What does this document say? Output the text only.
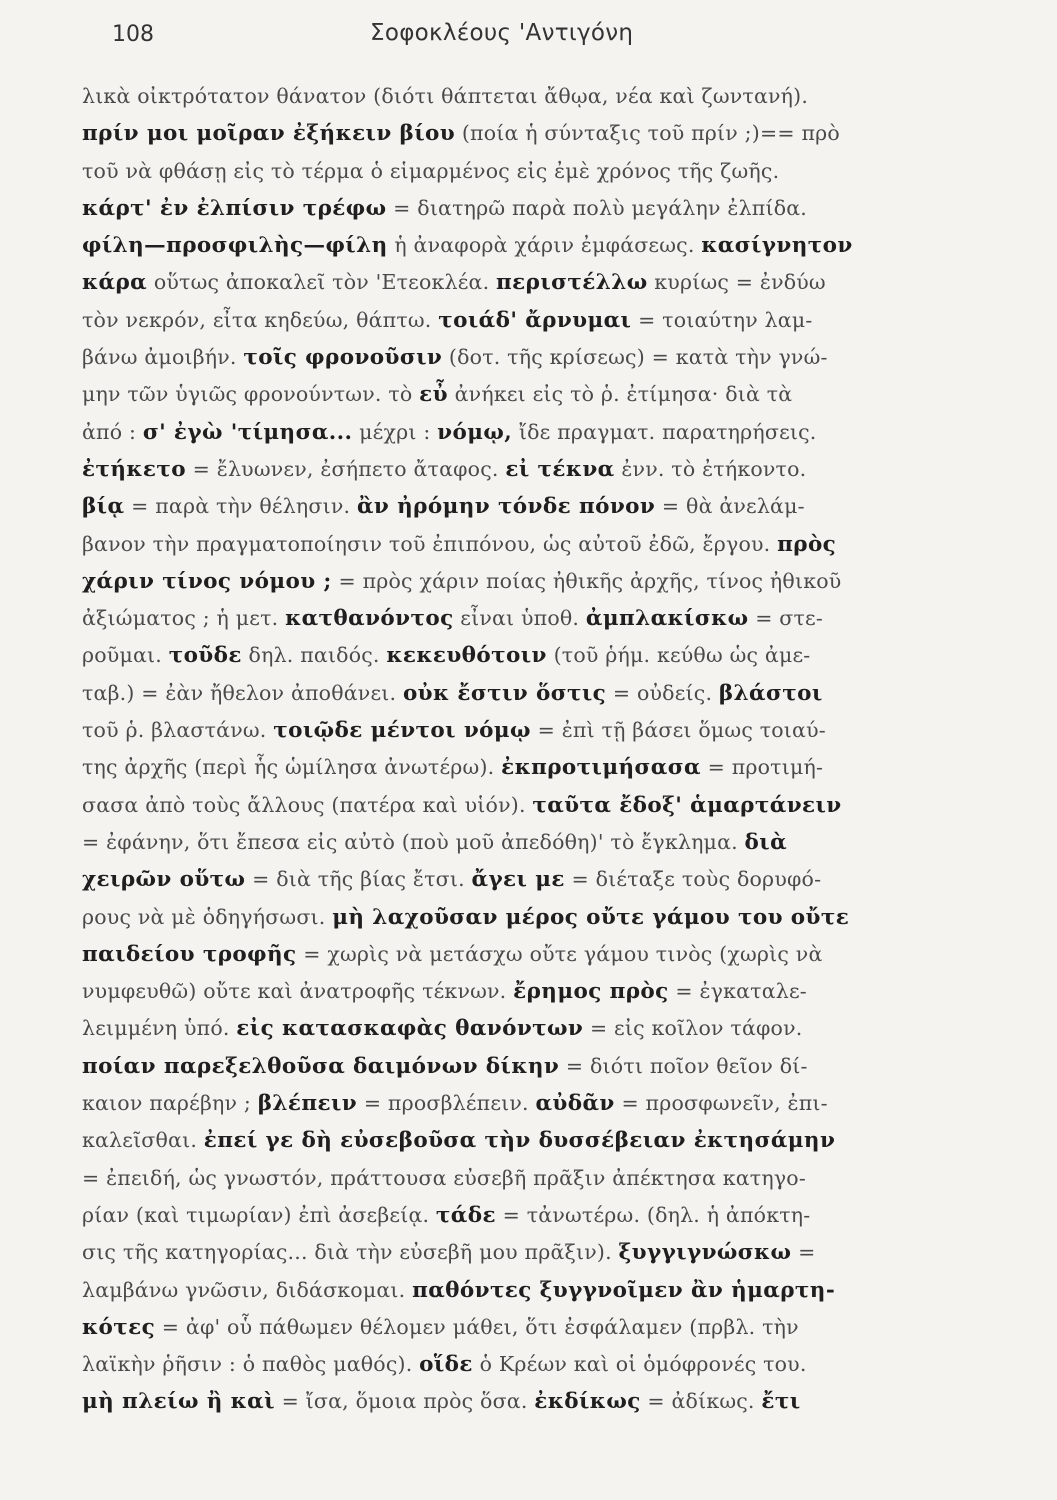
108	Σοφοκλέους 'Αντιγόνη
λικὰ οἰκτρότατον θάνατον (διότι θάπτεται ἄθῳα, νέα καὶ ζωντανή).
πρίν μοι μοῖραν ἐξήκειν βίου (ποία ἡ σύνταξις τοῦ πρίν ;)== πρὸ
τοῦ νὰ φθάσῃ εἰς τὸ τέρμα ὁ εἱμαρμένος εἰς ἐμὲ χρόνος τῆς ζωῆς.
κάρτ' ἐν ἐλπίσιν τρέφω = διατηρῶ παρὰ πολὺ μεγάλην ἐλπίδα.
φίλη—προσφιλὴς—φίλη ἡ ἀναφορὰ χάριν ἐμφάσεως. κασίγνητον
κάρα οὕτως ἀποκαλεῖ τὸν 'Ετεοκλέα. περιστέλλω κυρίως = ἐνδύω
τὸν νεκρόν, εἶτα κηδεύω, θάπτω. τοιάδ' ἄρνυμαι = τοιαύτην λαμ-
βάνω ἀμοιβήν. τοῖς φρονοῦσιν (δοτ. τῆς κρίσεως) = κατὰ τὴν γνώ-
μην τῶν ὑγιῶς φρονούντων. τὸ εὖ ἀνήκει εἰς τὸ ῥ. ἐτίμησα· διὰ τὰ
ἀπό : σ' ἐγὼ 'τίμησα... μέχρι : νόμῳ, ἴδε πραγματ. παρατηρήσεις.
ἐτήκετο = ἔλυωνεν, ἐσήπετο ἄταφος. εἰ τέκνα ἐνν. τὸ ἐτήκοντο.
βίᾳ = παρὰ τὴν θέλησιν. ἂν ἠρόμην τόνδε πόνον = θὰ ἀνελάμ-
βανον τὴν πραγματοποίησιν τοῦ ἐπιπόνου, ὡς αὐτοῦ ἐδῶ, ἔργου. πρὸς
χάριν τίνος νόμου ; = πρὸς χάριν ποίας ἠθικῆς ἀρχῆς, τίνος ἠθικοῦ
ἀξιώματος ; ἡ μετ. κατθανόντος εἶναι ὑποθ. ἀμπλακίσκω = στε-
ροῦμαι. τοῦδε δηλ. παιδός. κεκευθότοιν (τοῦ ῥήμ. κεύθω ὡς ἀμε-
ταβ.) = ἐὰν ἤθελον ἀποθάνει. οὐκ ἔστιν ὅστις = οὐδείς. βλάστοι
τοῦ ῥ. βλαστάνω. τοιῷδε μέντοι νόμῳ = ἐπὶ τῇ βάσει ὅμως τοιαύ-
της ἀρχῆς (περὶ ἧς ὡμίλησα ἀνωτέρω). ἐκπροτιμήσασα = προτιμή-
σασα ἀπὸ τοὺς ἄλλους (πατέρα καὶ υἱόν). ταῦτα ἔδοξ' ἁμαρτάνειν
= ἐφάνην, ὅτι ἔπεσα εἰς αὐτὸ (ποὺ μοῦ ἀπεδόθη)' τὸ ἔγκλημα. διὰ
χειρῶν οὕτω = διὰ τῆς βίας ἔτσι. ἄγει με = διέταξε τοὺς δορυφό-
ρους νὰ μὲ ὁδηγήσωσι. μὴ λαχοῦσαν μέρος οὔτε γάμου του οὔτε
παιδείου τροφῆς = χωρὶς νὰ μετάσχω οὔτε γάμου τινὸς (χωρὶς νὰ
νυμφευθῶ) οὔτε καὶ ἀνατροφῆς τέκνων. ἔρημος πρὸς = ἐγκαταλε-
λειμμένη ὑπό. εἰς κατασκαφὰς θανόντων = εἰς κοῖλον τάφον.
ποίαν παρεξελθοῦσα δαιμόνων δίκην = διότι ποῖον θεῖον δί-
καιον παρέβην ; βλέπειν = προσβλέπειν. αὐδᾶν = προσφωνεῖν, ἐπι-
καλεῖσθαι. ἐπεί γε δὴ εὐσεβοῦσα τὴν δυσσέβειαν ἐκτησάμην
= ἐπειδή, ὡς γνωστόν, πράττουσα εὐσεβῆ πρᾶξιν ἀπέκτησα κατηγο-
ρίαν (καὶ τιμωρίαν) ἐπὶ ἀσεβείᾳ. τάδε = τἀνωτέρω. (δηλ. ἡ ἀπόκτη-
σις τῆς κατηγορίας... διὰ τὴν εὐσεβῆ μου πρᾶξιν). ξυγγιγνώσκω =
λαμβάνω γνῶσιν, διδάσκομαι. παθόντες ξυγγνοῖμεν ἂν ἡμαρτη-
κότες = ἀφ' οὗ πάθωμεν θέλομεν μάθει, ὅτι ἐσφάλαμεν (πρβλ. τὴν
λαϊκὴν ῥῆσιν : ὁ παθὸς μαθός). οἵδε ὁ Κρέων καὶ οἱ ὁμόφρονές του.
μὴ πλείω ἢ καὶ = ἴσα, ὅμοια πρὸς ὅσα. ἐκδίκως = ἀδίκως. ἔτι
